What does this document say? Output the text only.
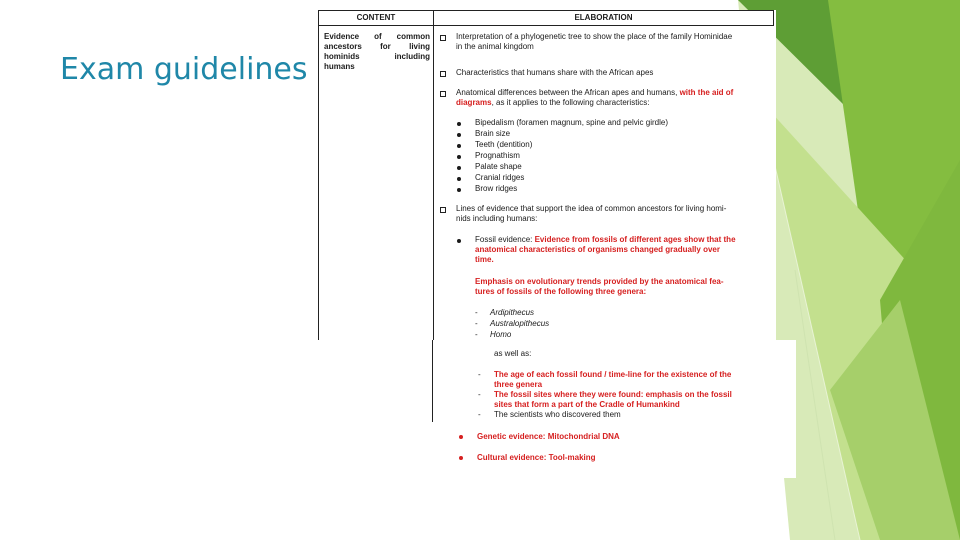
Exam guidelines
CONTENT	ELABORATION
Evidence of common ancestors for living hominids including humans
Interpretation of a phylogenetic tree to show the place of the family Hominidae
in the animal kingdom
Characteristics that humans share with the African apes
Anatomical differences between the African apes and humans, with the aid of
diagrams, as it applies to the following characteristics:
Bipedalism (foramen magnum, spine and pelvic girdle)
Brain size
Teeth (dentition)
Prognathism
Palate shape
Cranial ridges
Brow ridges
Lines of evidence that support the idea of common ancestors for living homi-
nids including humans:
Fossil evidence: Evidence from fossils of different ages show that the
anatomical characteristics of organisms changed gradually over
time.
Emphasis on evolutionary trends provided by the anatomical fea-
tures of fossils of the following three genera:
- Ardipithecus
- Australopithecus
- Homo
as well as:
- The age of each fossil found / time-line for the existence of the
three genera
- The fossil sites where they were found: emphasis on the fossil
sites that form a part of the Cradle of Humankind
- The scientists who discovered them
Genetic evidence: Mitochondrial DNA
Cultural evidence: Tool-making
